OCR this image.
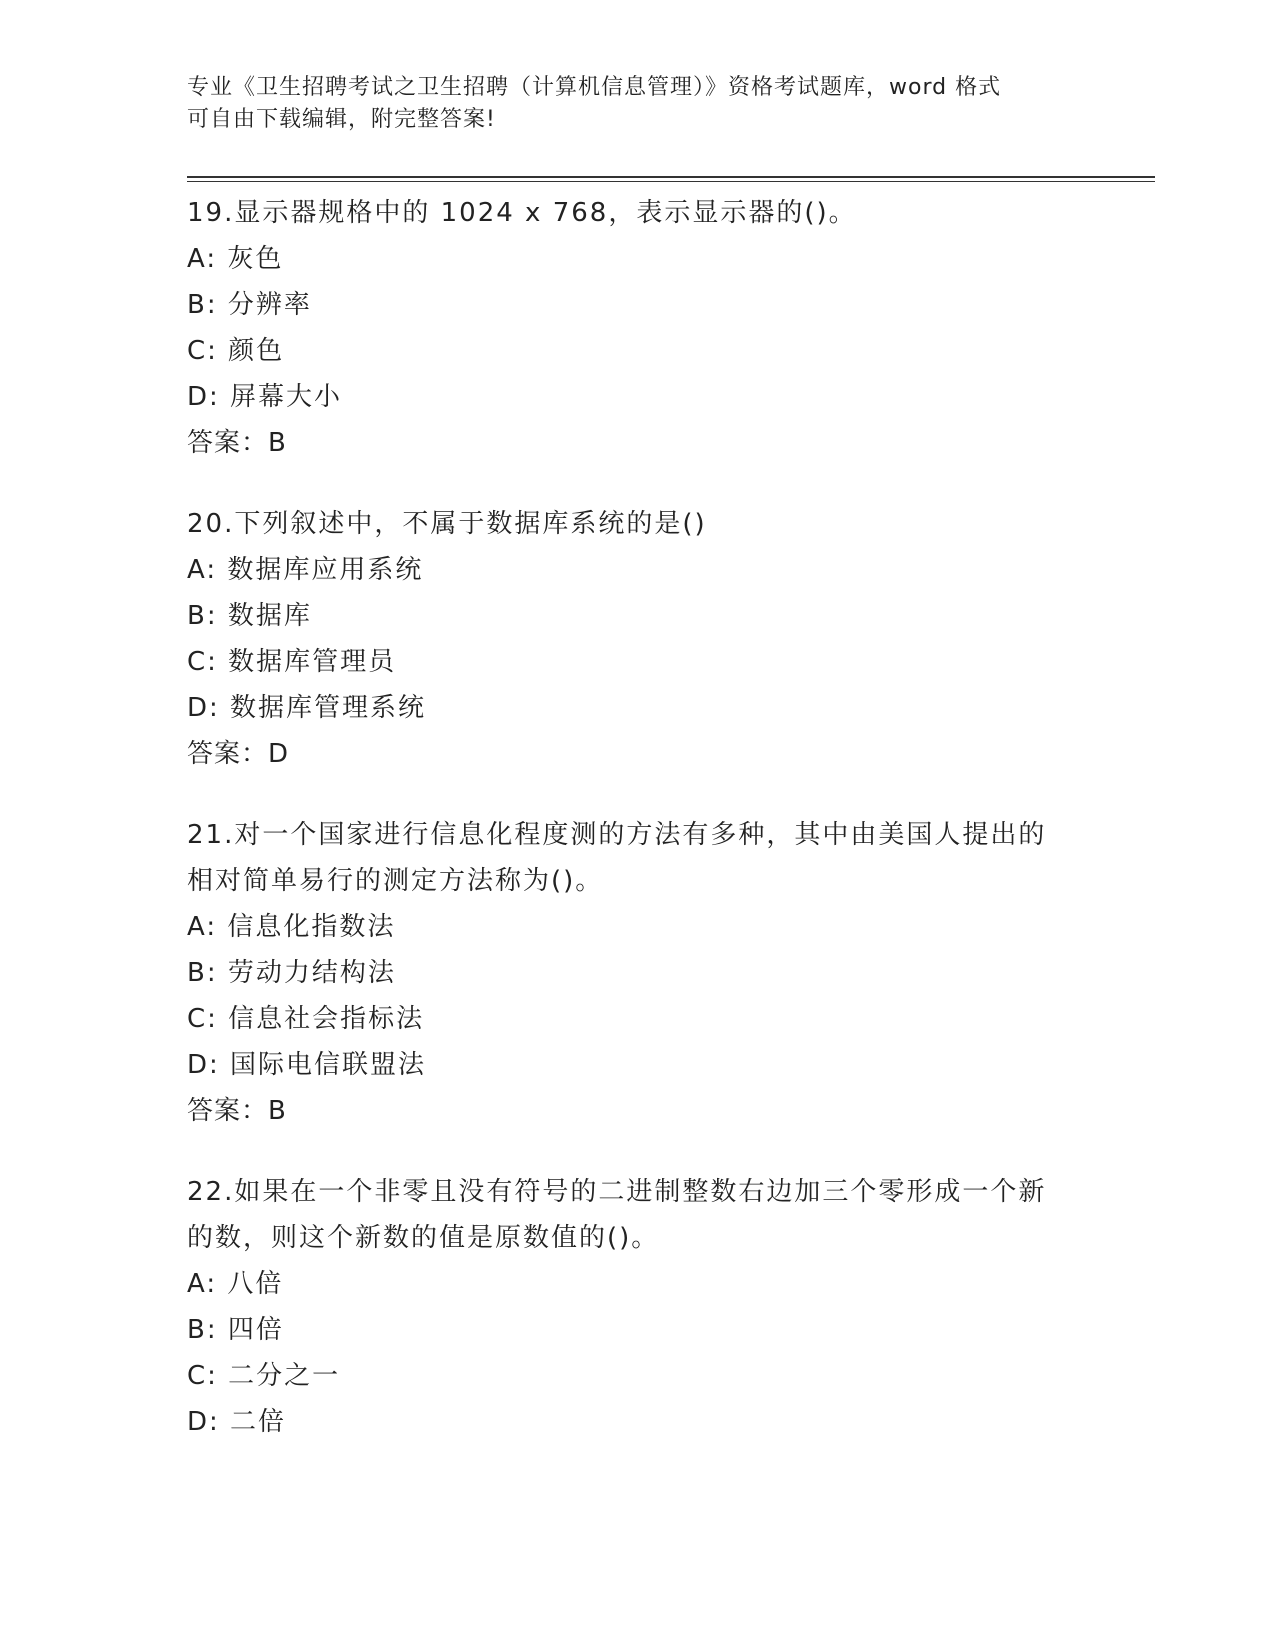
专业《卫生招聘考试之卫生招聘（计算机信息管理）》资格考试题库，word 格式
可自由下载编辑，附完整答案!
19.显示器规格中的 1024 x 768，表示显示器的()。
A: 灰色
B: 分辨率
C: 颜色
D: 屏幕大小
答案：B
20.下列叙述中，不属于数据库系统的是()
A: 数据库应用系统
B: 数据库
C: 数据库管理员
D: 数据库管理系统
答案：D
21.对一个国家进行信息化程度测的方法有多种，其中由美国人提出的
相对简单易行的测定方法称为()。
A: 信息化指数法
B: 劳动力结构法
C: 信息社会指标法
D: 国际电信联盟法
答案：B
22.如果在一个非零且没有符号的二进制整数右边加三个零形成一个新
的数，则这个新数的值是原数值的()。
A: 八倍
B: 四倍
C: 二分之一
D: 二倍
